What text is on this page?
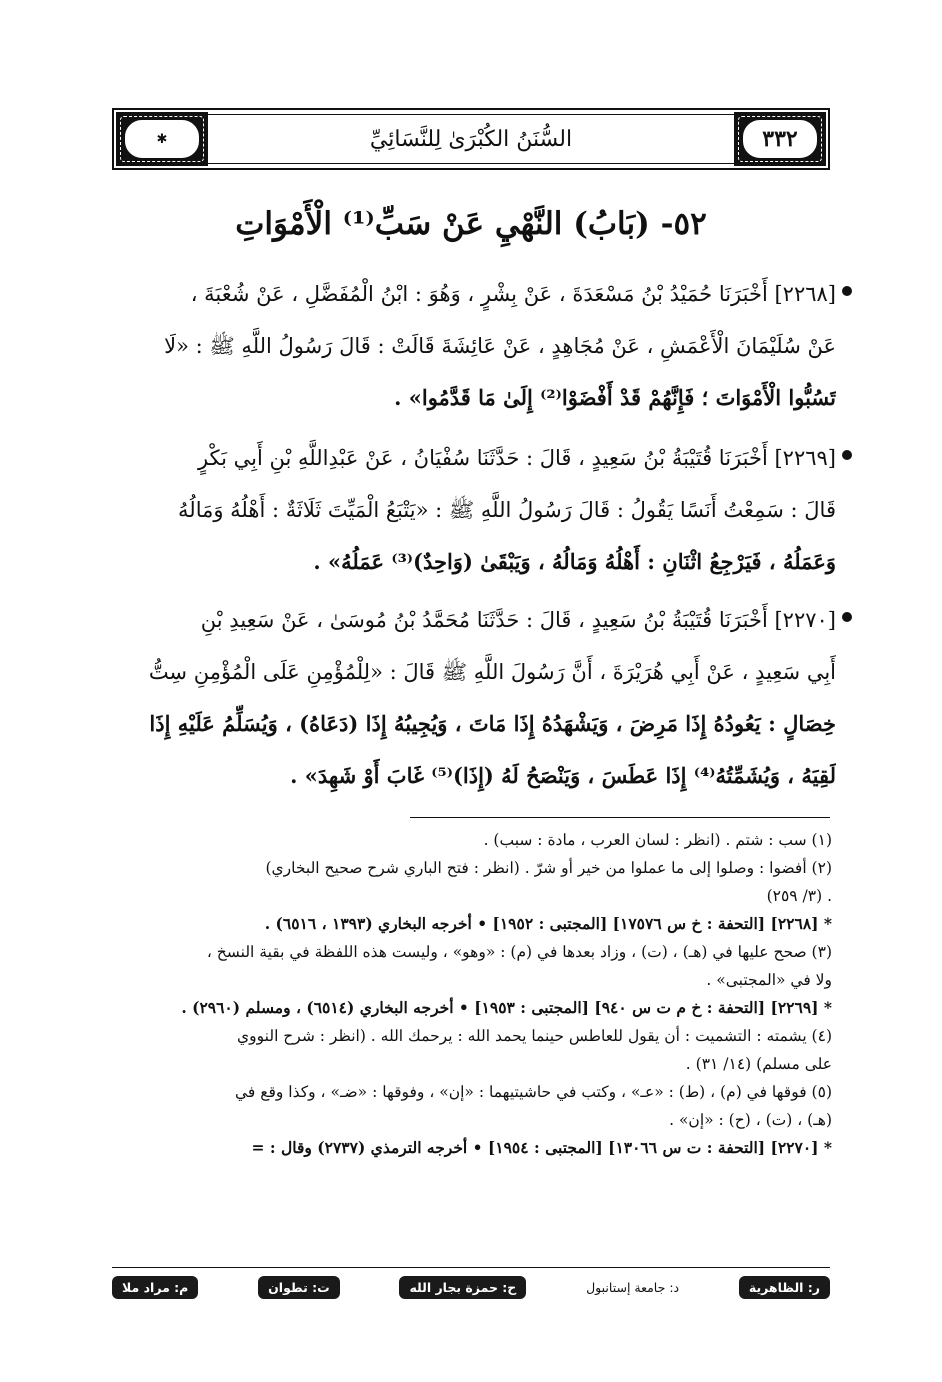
٣٣٢
السُّنَنُ الكُبْرَىٰ لِلنَّسَائِيِّ
✱
٥٢- (بَابُ) النَّهْيِ عَنْ سَبِّ⁽¹⁾ الْأَمْوَاتِ
[٢٢٦٨] أَخْبَرَنَا حُمَيْدُ بْنُ مَسْعَدَةَ ، عَنْ بِشْرٍ ، وَهُوَ : ابْنُ الْمُفَضَّلِ ، عَنْ شُعْبَةَ ،
عَنْ سُلَيْمَانَ الْأَعْمَشِ ، عَنْ مُجَاهِدٍ ، عَنْ عَائِشَةَ قَالَتْ : قَالَ رَسُولُ اللَّهِ ﷺ : «لَا
تَسُبُّوا الْأَمْوَاتَ ؛ فَإِنَّهُمْ قَدْ أَفْضَوْا⁽²⁾ إِلَىٰ مَا قَدَّمُوا» .
[٢٢٦٩] أَخْبَرَنَا قُتَيْبَةُ بْنُ سَعِيدٍ ، قَالَ : حَدَّثَنَا سُفْيَانُ ، عَنْ عَبْدِاللَّهِ بْنِ أَبِي بَكْرٍ
قَالَ : سَمِعْتُ أَنَسًا يَقُولُ : قَالَ رَسُولُ اللَّهِ ﷺ : «يَتْبَعُ الْمَيِّتَ ثَلَاثَةٌ : أَهْلُهُ وَمَالُهُ
وَعَمَلُهُ ، فَيَرْجِعُ اثْنَانِ : أَهْلُهُ وَمَالُهُ ، وَيَبْقَىٰ (وَاحِدٌ)⁽³⁾ عَمَلُهُ» .
[٢٢٧٠] أَخْبَرَنَا قُتَيْبَةُ بْنُ سَعِيدٍ ، قَالَ : حَدَّثَنَا مُحَمَّدُ بْنُ مُوسَىٰ ، عَنْ سَعِيدِ بْنِ
أَبِي سَعِيدٍ ، عَنْ أَبِي هُرَيْرَةَ ، أَنَّ رَسُولَ اللَّهِ ﷺ قَالَ : «لِلْمُؤْمِنِ عَلَى الْمُؤْمِنِ سِتُّ
خِصَالٍ : يَعُودُهُ إِذَا مَرِضَ ، وَيَشْهَدُهُ إِذَا مَاتَ ، وَيُجِيبُهُ إِذَا (دَعَاهُ) ، وَيُسَلِّمُ عَلَيْهِ إِذَا
لَقِيَهُ ، وَيُشَمِّتُهُ⁽⁴⁾ إِذَا عَطَسَ ، وَيَنْصَحُ لَهُ (إِذَا)⁽⁵⁾ غَابَ أَوْ شَهِدَ» .
(١) سب : شتم . (انظر : لسان العرب ، مادة : سبب) .
(٢) أفضوا : وصلوا إلى ما عملوا من خير أو شرّ . (انظر : فتح الباري شرح صحيح البخاري)
. (٣/ ٢٥٩)
* [٢٢٦٨] [التحفة : خ س ١٧٥٧٦] [المجتبى : ١٩٥٢] • أخرجه البخاري (١٣٩٣ ، ٦٥١٦) .
(٣) صحح عليها في (هـ) ، (ت) ، وزاد بعدها في (م) : «وهو» ، وليست هذه اللفظة في بقية النسخ ،
ولا في «المجتبى» .
* [٢٢٦٩] [التحفة : خ م ت س ٩٤٠] [المجتبى : ١٩٥٣] • أخرجه البخاري (٦٥١٤) ، ومسلم (٢٩٦٠) .
(٤) يشمته : التشميت : أن يقول للعاطس حينما يحمد الله : يرحمك الله . (انظر : شرح النووي
على مسلم) (١٤/ ٣١) .
(٥) فوقها في (م) ، (ط) : «عـ» ، وكتب في حاشيتيهما : «إن» ، وفوقها : «ضـ» ، وكذا وقع في
(هـ) ، (ت) ، (ح) : «إن» .
* [٢٢٧٠] [التحفة : ت س ١٣٠٦٦] [المجتبى : ١٩٥٤] • أخرجه الترمذي (٢٧٣٧) وقال : =
م: مراد ملا	ت: تطوان	ح: حمزة بجار الله	د: جامعة إستانبول	ر: الظاهرية
